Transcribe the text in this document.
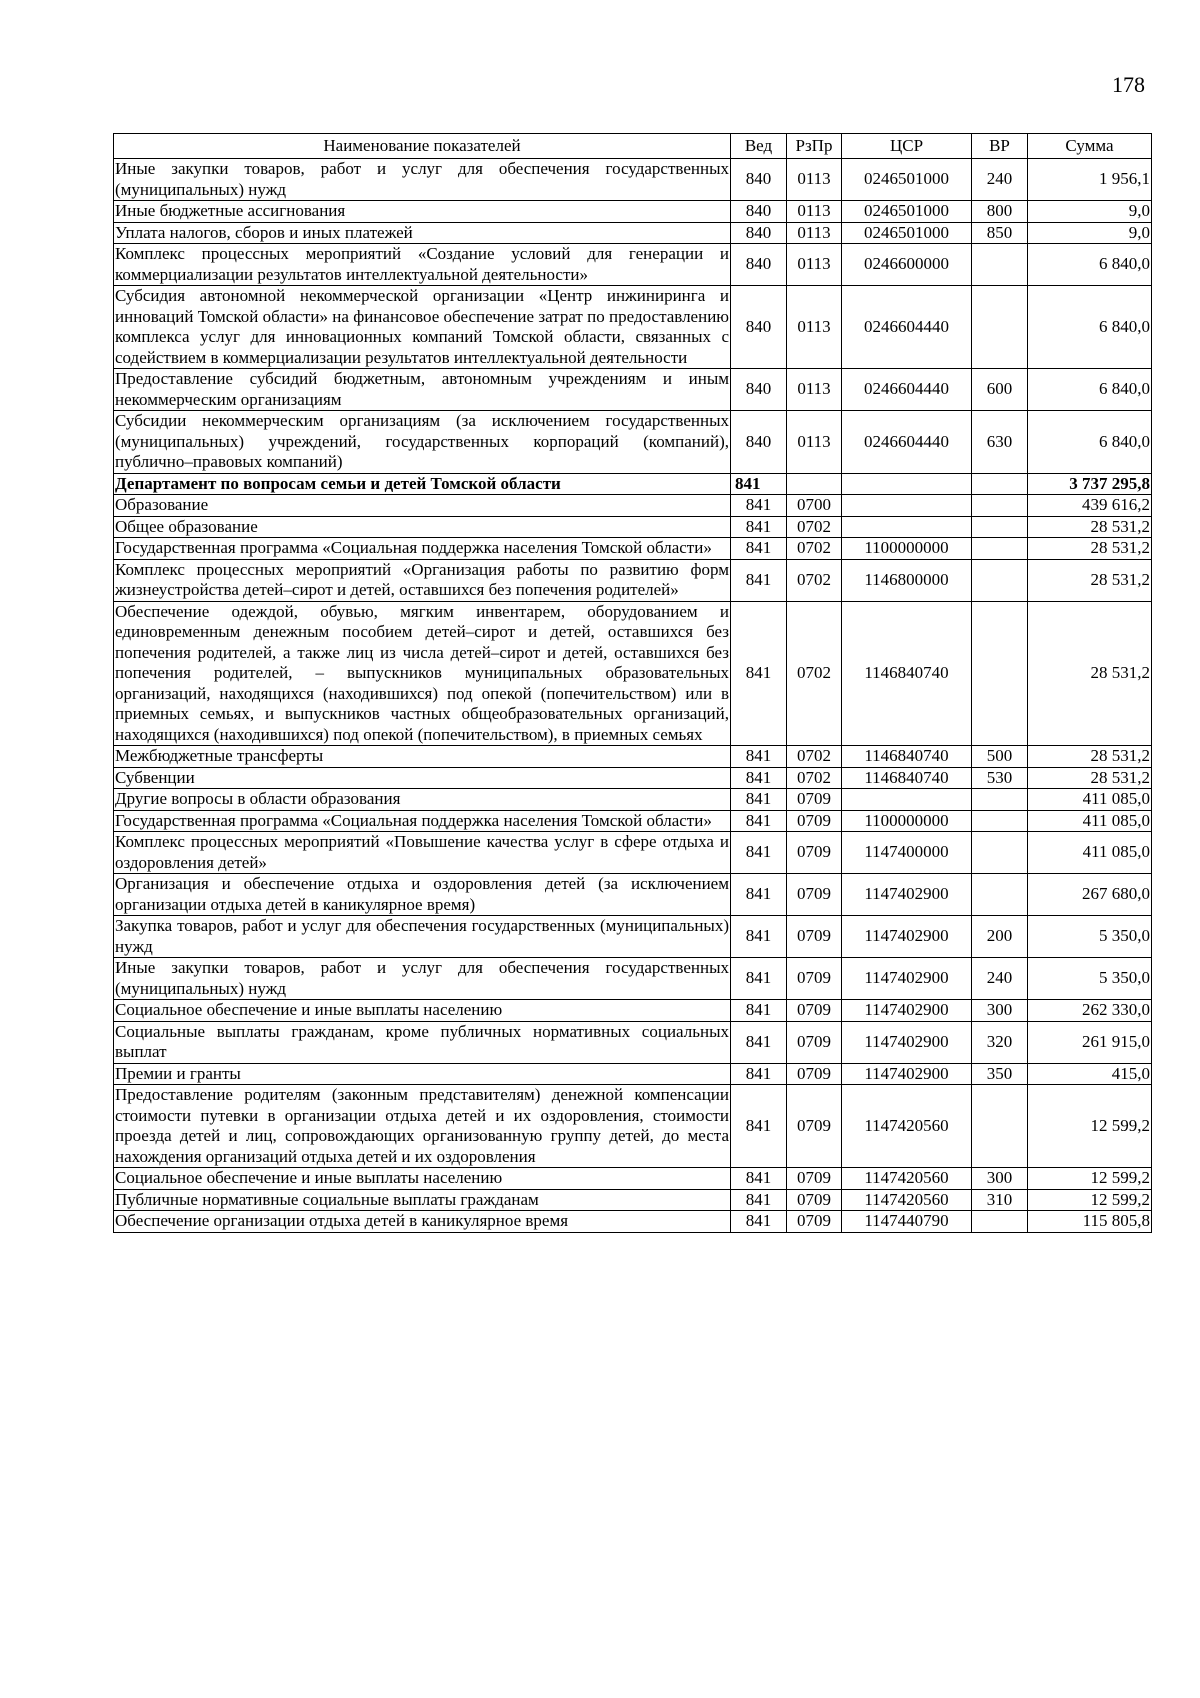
178
Наименование показателей	Вед	РзПр	ЦСР	ВР	Сумма
Иные закупки товаров, работ и услуг для обеспечения государственных (муниципальных) нужд	840	0113	0246501000	240	1 956,1
Иные бюджетные ассигнования	840	0113	0246501000	800	9,0
Уплата налогов, сборов и иных платежей	840	0113	0246501000	850	9,0
Комплекс процессных мероприятий «Создание условий для генерации и коммерциализации результатов интеллектуальной деятельности»	840	0113	0246600000		6 840,0
Субсидия автономной некоммерческой организации «Центр инжиниринга и инноваций Томской области» на финансовое обеспечение затрат по предоставлению комплекса услуг для инновационных компаний Томской области, связанных с содействием в коммерциализации результатов интеллектуальной деятельности	840	0113	0246604440		6 840,0
Предоставление субсидий бюджетным, автономным учреждениям и иным некоммерческим организациям	840	0113	0246604440	600	6 840,0
Субсидии некоммерческим организациям (за исключением государственных (муниципальных) учреждений, государственных корпораций (компаний), публично–правовых компаний)	840	0113	0246604440	630	6 840,0
Департамент по вопросам семьи и детей Томской области	841				3 737 295,8
Образование	841	0700			439 616,2
Общее образование	841	0702			28 531,2
Государственная программа «Социальная поддержка населения Томской области»	841	0702	1100000000		28 531,2
Комплекс процессных мероприятий «Организация работы по развитию форм жизнеустройства детей–сирот и детей, оставшихся без попечения родителей»	841	0702	1146800000		28 531,2
Обеспечение одеждой, обувью, мягким инвентарем, оборудованием и единовременным денежным пособием детей–сирот и детей, оставшихся без попечения родителей, а также лиц из числа детей–сирот и детей, оставшихся без попечения родителей, – выпускников муниципальных образовательных организаций, находящихся (находившихся) под опекой (попечительством) или в приемных семьях, и выпускников частных общеобразовательных организаций, находящихся (находившихся) под опекой (попечительством), в приемных семьях	841	0702	1146840740		28 531,2
Межбюджетные трансферты	841	0702	1146840740	500	28 531,2
Субвенции	841	0702	1146840740	530	28 531,2
Другие вопросы в области образования	841	0709			411 085,0
Государственная программа «Социальная поддержка населения Томской области»	841	0709	1100000000		411 085,0
Комплекс процессных мероприятий «Повышение качества услуг в сфере отдыха и оздоровления детей»	841	0709	1147400000		411 085,0
Организация и обеспечение отдыха и оздоровления детей (за исключением организации отдыха детей в каникулярное время)	841	0709	1147402900		267 680,0
Закупка товаров, работ и услуг для обеспечения государственных (муниципальных) нужд	841	0709	1147402900	200	5 350,0
Иные закупки товаров, работ и услуг для обеспечения государственных (муниципальных) нужд	841	0709	1147402900	240	5 350,0
Социальное обеспечение и иные выплаты населению	841	0709	1147402900	300	262 330,0
Социальные выплаты гражданам, кроме публичных нормативных социальных выплат	841	0709	1147402900	320	261 915,0
Премии и гранты	841	0709	1147402900	350	415,0
Предоставление родителям (законным представителям) денежной компенсации стоимости путевки в организации отдыха детей и их оздоровления, стоимости проезда детей и лиц, сопровождающих организованную группу детей, до места нахождения организаций отдыха детей и их оздоровления	841	0709	1147420560		12 599,2
Социальное обеспечение и иные выплаты населению	841	0709	1147420560	300	12 599,2
Публичные нормативные социальные выплаты гражданам	841	0709	1147420560	310	12 599,2
Обеспечение организации отдыха детей в каникулярное время	841	0709	1147440790		115 805,8
